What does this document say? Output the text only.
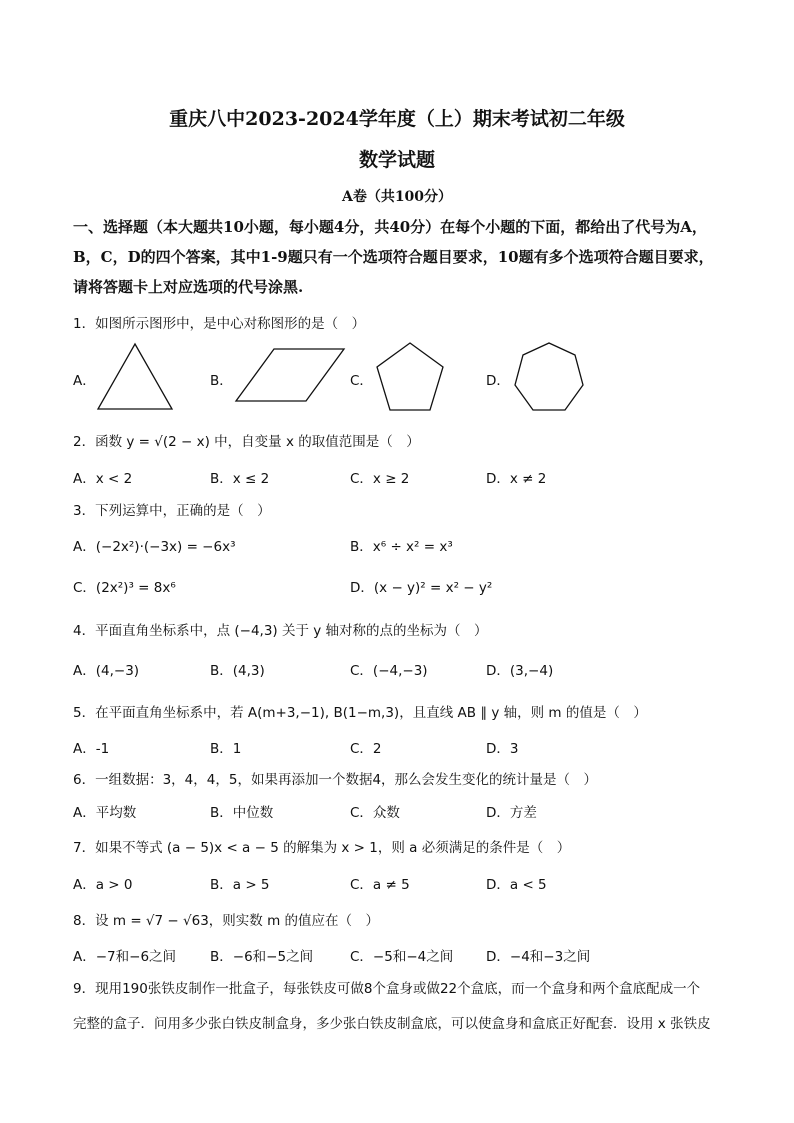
重庆八中2023-2024学年度（上）期末考试初二年级
数学试题
A卷（共100分）
一、选择题（本大题共10小题，每小题4分，共40分）在每个小题的下面，都给出了代号为A，B，C，D的四个答案，其中1-9题只有一个选项符合题目要求，10题有多个选项符合题目要求，请将答题卡上对应选项的代号涂黑.
1．如图所示图形中，是中心对称图形的是（　）
A．	B．	C．	D．
2．函数 y = √(2 − x) 中，自变量 x 的取值范围是（　）
A．x < 2	B．x ≤ 2	C．x ≥ 2	D．x ≠ 2
3．下列运算中，正确的是（　）
A．(−2x²)·(−3x) = −6x³	B．x⁶ ÷ x² = x³
C．(2x²)³ = 8x⁶	D．(x − y)² = x² − y²
4．平面直角坐标系中，点 (−4,3) 关于 y 轴对称的点的坐标为（　）
A．(4,−3)	B．(4,3)	C．(−4,−3)	D．(3,−4)
5．在平面直角坐标系中，若 A(m+3,−1), B(1−m,3)，且直线 AB ∥ y 轴，则 m 的值是（　）
A．-1	B．1	C．2	D．3
6．一组数据：3，4，4，5，如果再添加一个数据4，那么会发生变化的统计量是（　）
A．平均数	B．中位数	C．众数	D．方差
7．如果不等式 (a − 5)x < a − 5 的解集为 x > 1，则 a 必须满足的条件是（　）
A．a > 0	B．a > 5	C．a ≠ 5	D．a < 5
8．设 m = √7 − √63，则实数 m 的值应在（　）
A．−7和−6之间	B．−6和−5之间	C．−5和−4之间 D．−4和−3之间
9．现用190张铁皮制作一批盒子，每张铁皮可做8个盒身或做22个盒底，而一个盒身和两个盒底配成一个
完整的盒子．问用多少张白铁皮制盒身，多少张白铁皮制盒底，可以使盒身和盒底正好配套．设用 x 张铁皮
